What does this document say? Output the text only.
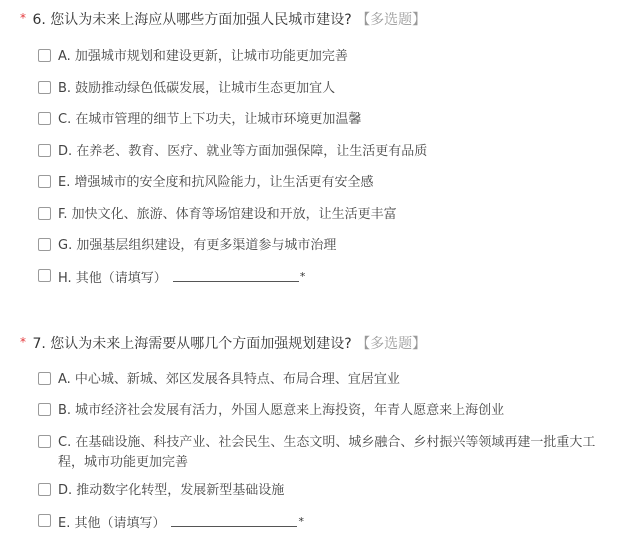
* 6. 您认为未来上海应从哪些方面加强人民城市建设? 【多选题】
A. 加强城市规划和建设更新，让城市功能更加完善
B. 鼓励推动绿色低碳发展，让城市生态更加宜人
C. 在城市管理的细节上下功夫，让城市环境更加温馨
D. 在养老、教育、医疗、就业等方面加强保障，让生活更有品质
E. 增强城市的安全度和抗风险能力，让生活更有安全感
F. 加快文化、旅游、体育等场馆建设和开放，让生活更丰富
G. 加强基层组织建设，有更多渠道参与城市治理
H. 其他（请填写）	*
* 7. 您认为未来上海需要从哪几个方面加强规划建设? 【多选题】
A. 中心城、新城、郊区发展各具特点、布局合理、宜居宜业
B. 城市经济社会发展有活力，外国人愿意来上海投资，年青人愿意来上海创业
C. 在基础设施、科技产业、社会民生、生态文明、城乡融合、乡村振兴等领域再建一批重大工程，城市功能更加完善
D. 推动数字化转型，发展新型基础设施
E. 其他（请填写）	*
